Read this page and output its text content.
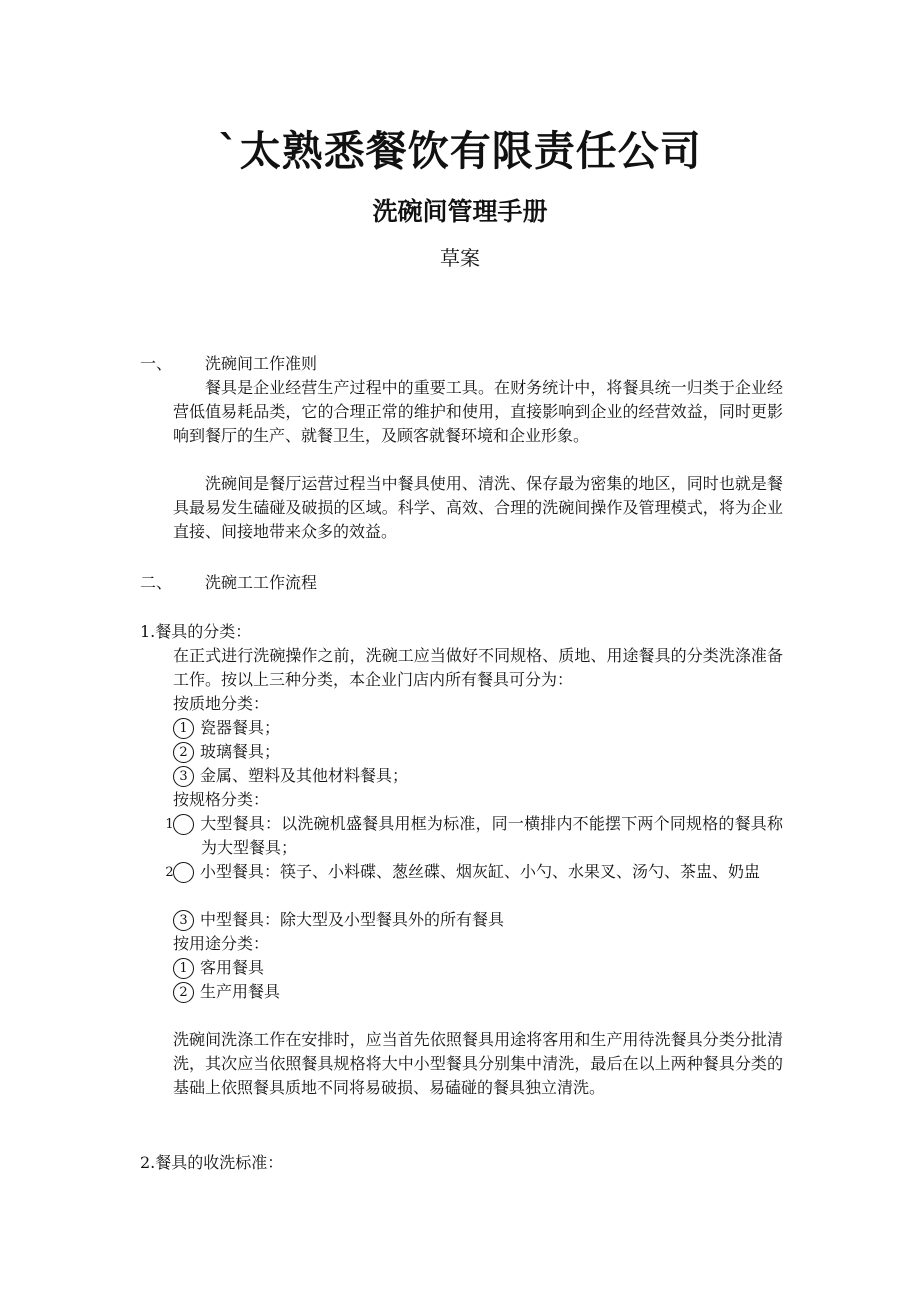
`太熟悉餐饮有限责任公司
洗碗间管理手册
草案
一、 洗碗间工作准则
餐具是企业经营生产过程中的重要工具。在财务统计中，将餐具统一归类于企业经营低值易耗品类，它的合理正常的维护和使用，直接影响到企业的经营效益，同时更影响到餐厅的生产、就餐卫生，及顾客就餐环境和企业形象。
洗碗间是餐厅运营过程当中餐具使用、清洗、保存最为密集的地区，同时也就是餐具最易发生磕碰及破损的区域。科学、高效、合理的洗碗间操作及管理模式，将为企业直接、间接地带来众多的效益。
二、 洗碗工工作流程
1.餐具的分类：
在正式进行洗碗操作之前，洗碗工应当做好不同规格、质地、用途餐具的分类洗涤准备工作。按以上三种分类，本企业门店内所有餐具可分为：
按质地分类：
1 瓷器餐具；
2 玻璃餐具；
3 金属、塑料及其他材料餐具；
按规格分类：
1 大型餐具：以洗碗机盛餐具用框为标准，同一横排内不能摆下两个同规格的餐具称为大型餐具；
2 小型餐具：筷子、小料碟、葱丝碟、烟灰缸、小勺、水果叉、汤勺、茶盅、奶盅
3 中型餐具：除大型及小型餐具外的所有餐具
按用途分类：
1 客用餐具
2 生产用餐具
洗碗间洗涤工作在安排时，应当首先依照餐具用途将客用和生产用待洗餐具分类分批清洗，其次应当依照餐具规格将大中小型餐具分别集中清洗，最后在以上两种餐具分类的基础上依照餐具质地不同将易破损、易磕碰的餐具独立清洗。
2.餐具的收洗标准：
